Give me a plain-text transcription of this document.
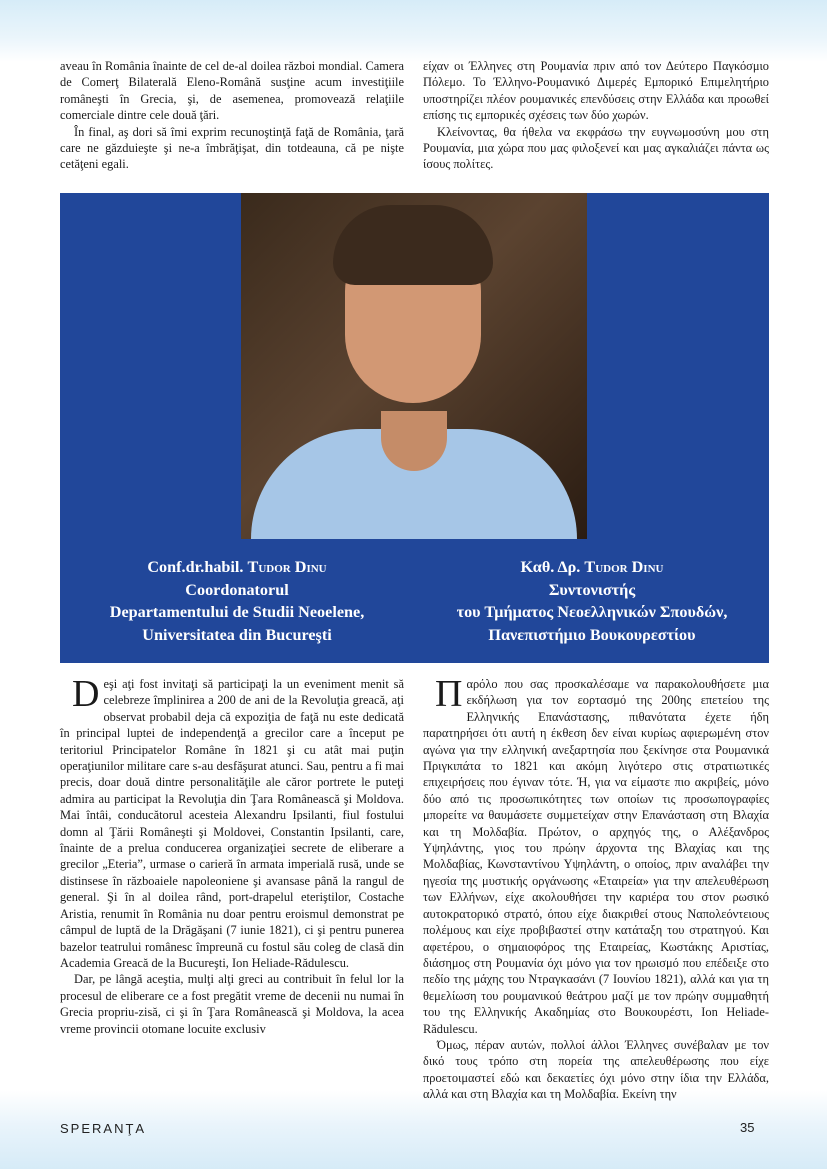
aveau în România înainte de cel de-al doilea război mondial. Camera de Comerţ Bilaterală Eleno-Română susţine acum investiţiile româneşti în Grecia, şi, de asemenea, promovează relaţiile comerciale dintre cele două ţări.

În final, aş dori să îmi exprim recunoştinţă faţă de România, ţară care ne găzduieşte şi ne-a îmbrăţişat, din totdeauna, că pe nişte cetăţeni egali.

είχαν οι Έλληνες στη Ρουμανία πριν από τον Δεύτερο Παγκόσμιο Πόλεμο. Το Έλληνο-Ρουμανικό Διμερές Εμπορικό Επιμελητήριο υποστηρίζει πλέον ρουμανικές επενδύσεις στην Ελλάδα και προωθεί επίσης τις εμπορικές σχέσεις των δύο χωρών.

Κλείνοντας, θα ήθελα να εκφράσω την ευγνωμοσύνη μου στη Ρουμανία, μια χώρα που μας φιλοξενεί και μας αγκαλιάζει πάντα ως ίσους πολίτες.

Conf.dr.habil. Tudor Dinu
Coordonatorul
Departamentului de Studii Neoelene,
Universitatea din Bucureşti
Καθ. Δρ. Tudor Dinu
Συντονιστής
του Τμήματος Νεοελληνικών Σπουδών,
Πανεπιστήμιο Βουκουρεστίου

Deşi aţi fost invitaţi să participaţi la un eveniment menit să celebreze împlinirea a 200 de ani de la Revoluţia greacă, aţi observat probabil deja că expoziţia de faţă nu este dedicată în principal luptei de independenţă a grecilor care a început pe teritoriul Principatelor Române în 1821 şi cu atât mai puţin operaţiunilor militare care s-au desfăşurat atunci. Sau, pentru a fi mai precis, doar două dintre personalităţile ale căror portrete le puteţi admira au participat la Revoluţia din Ţara Românească şi Moldova. Mai întâi, conducătorul acesteia Alexandru Ipsilanti, fiul fostului domn al Ţării Româneşti şi Moldovei, Constantin Ipsilanti, care, înainte de a prelua conducerea organizaţiei secrete de eliberare a grecilor „Eteria”, urmase o carieră în armata imperială rusă, unde se distinsese în războaiele napoleoniene şi avansase până la rangul de general. Şi în al doilea rând, port-drapelul eteriştilor, Costache Aristia, renumit în România nu doar pentru eroismul demonstrat pe câmpul de luptă de la Drăgăşani (7 iunie 1821), ci şi pentru punerea bazelor teatrului românesc împreună cu fostul său coleg de clasă din Academia Greacă de la Bucureşti, Ion Heliade-Rădulescu.

Dar, pe lângă aceştia, mulţi alţi greci au contribuit în felul lor la procesul de eliberare ce a fost pregătit vreme de decenii nu numai în Grecia propriu-zisă, ci şi în Ţara Românească şi Moldova, la acea vreme provincii otomane locuite exclusiv

Παρόλο που σας προσκαλέσαμε να παρακολουθήσετε μια εκδήλωση για τον εορτασμό της 200ης επετείου της Ελληνικής Επανάστασης, πιθανότατα έχετε ήδη παρατηρήσει ότι αυτή η έκθεση δεν είναι κυρίως αφιερωμένη στον αγώνα για την ελληνική ανεξαρτησία που ξεκίνησε στα Ρουμανικά Πριγκιπάτα το 1821 και ακόμη λιγότερο στις στρατιωτικές επιχειρήσεις που έγιναν τότε. Ή, για να είμαστε πιο ακριβείς, μόνο δύο από τις προσωπικότητες των οποίων τις προσωπογραφίες μπορείτε να θαυμάσετε συμμετείχαν στην Επανάσταση στη Βλαχία και τη Μολδαβία. Πρώτον, ο αρχηγός της, ο Αλέξανδρος Υψηλάντης, γιος του πρώην άρχοντα της Βλαχίας και της Μολδαβίας, Κωνσταντίνου Υψηλάντη, ο οποίος, πριν αναλάβει την ηγεσία της μυστικής οργάνωσης «Εταιρεία» για την απελευθέρωση των Ελλήνων, είχε ακολουθήσει την καριέρα του στον ρωσικό αυτοκρατορικό στρατό, όπου είχε διακριθεί στους Ναπολεόντειους πολέμους και είχε προβιβαστεί στην κατάταξη του στρατηγού. Και αφετέρου, ο σημαιοφόρος της Εταιρείας, Κωστάκης Αριστίας, διάσημος στη Ρουμανία όχι μόνο για τον ηρωισμό που επέδειξε στο πεδίο της μάχης του Ντραγκασάνι (7 Ιουνίου 1821), αλλά και για τη θεμελίωση του ρουμανικού θεάτρου μαζί με τον πρώην συμμαθητή του της Ελληνικής Ακαδημίας στο Βουκουρέστι, Ion Heliade-Rădulescu.

Όμως, πέραν αυτών, πολλοί άλλοι Έλληνες συνέβαλαν με τον δικό τους τρόπο στη πορεία της απελευθέρωσης που είχε προετοιμαστεί εδώ και δεκαετίες όχι μόνο στην ίδια την Ελλάδα, αλλά και στη Βλαχία και τη Μολδαβία. Εκείνη την

SPERANŢA	35
